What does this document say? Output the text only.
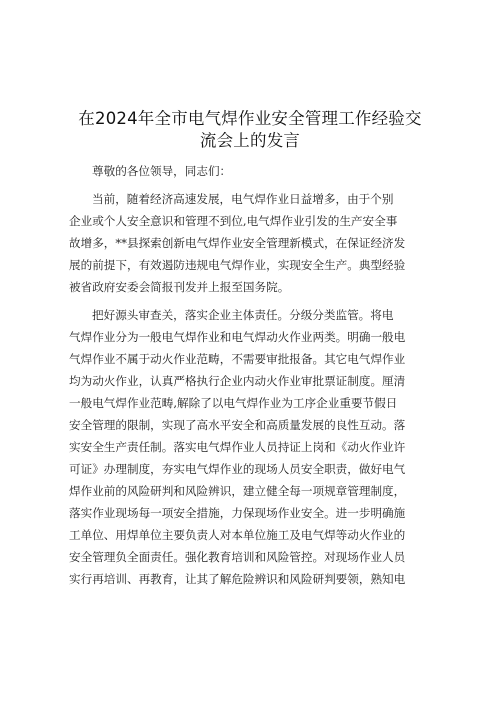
在2024年全市电气焊作业安全管理工作经验交
流会上的发言
尊敬的各位领导，同志们：
当前，随着经济高速发展，电气焊作业日益增多，由于个别
企业或个人安全意识和管理不到位,电气焊作业引发的生产安全事
故增多，**县探索创新电气焊作业安全管理新模式，在保证经济发
展的前提下，有效遏防违规电气焊作业，实现安全生产。典型经验
被省政府安委会简报刊发并上报至国务院。
把好源头审查关，落实企业主体责任。分级分类监管。将电
气焊作业分为一般电气焊作业和电气焊动火作业两类。明确一般电
气焊作业不属于动火作业范畴，不需要审批报备。其它电气焊作业
均为动火作业，认真严格执行企业内动火作业审批票证制度。厘清
一般电气焊作业范畴,解除了以电气焊作业为工序企业重要节假日
安全管理的限制，实现了高水平安全和高质量发展的良性互动。落
实安全生产责任制。落实电气焊作业人员持证上岗和《动火作业许
可证》办理制度，夯实电气焊作业的现场人员安全职责，做好电气
焊作业前的风险研判和风险辨识，建立健全每一项规章管理制度，
落实作业现场每一项安全措施，力保现场作业安全。进一步明确施
工单位、用焊单位主要负责人对本单位施工及电气焊等动火作业的
安全管理负全面责任。强化教育培训和风险管控。对现场作业人员
实行再培训、再教育，让其了解危险辨识和风险研判要领，熟知电
